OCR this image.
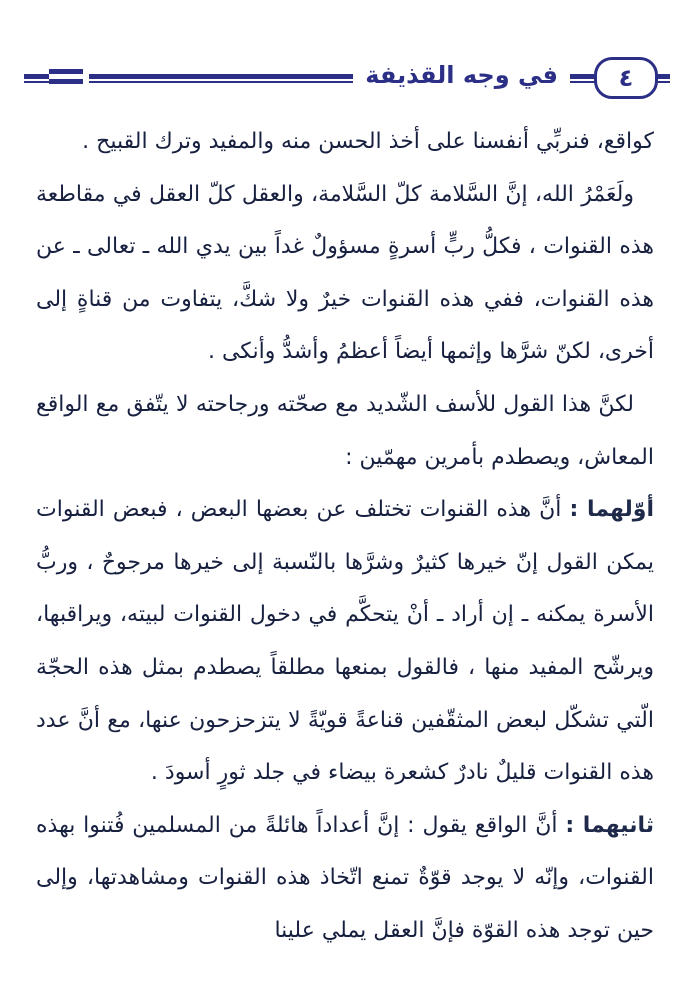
في وجه القذيفة	٤

كواقع، فنربِّي أنفسنا على أخذ الحسن منه والمفيد وترك القبيح .

ولَعَمْرُ الله، إنَّ السَّلامة كلّ السَّلامة، والعقل كلّ العقل في مقاطعة هذه القنوات ، فكلُّ ربٍّ أسرةٍ مسؤولٌ غداً بين يدي الله ـ تعالى ـ عن هذه القنوات، ففي هذه القنوات خيرٌ ولا شكَّ، يتفاوت من قناةٍ إلى أخرى، لكنّ شرَّها وإثمها أيضاً أعظمُ وأشدُّ وأنكى .

لكنَّ هذا القول للأسف الشّديد مع صحّته ورجاحته لا يتّفق مع الواقع المعاش، ويصطدم بأمرين مهمّين :

أوّلهما : أنَّ هذه القنوات تختلف عن بعضها البعض ، فبعض القنوات يمكن القول إنّ خيرها كثيرٌ وشرَّها بالنّسبة إلى خيرها مرجوحٌ ، وربُّ الأسرة يمكنه ـ إن أراد ـ أنْ يتحكَّم في دخول القنوات لبيته، ويراقبها، ويرشّح المفيد منها ، فالقول بمنعها مطلقاً يصطدم بمثل هذه الحجّة الّتي تشكّل لبعض المثقّفين قناعةً قويّةً لا يتزحزحون عنها، مع أنَّ عدد هذه القنوات قليلٌ نادرٌ كشعرة بيضاء في جلد ثورٍ أسودَ .

ثانيهما : أنَّ الواقع يقول : إنَّ أعداداً هائلةً من المسلمين فُتنوا بهذه القنوات، وإنّه لا يوجد قوّةٌ تمنع اتّخاذ هذه القنوات ومشاهدتها، وإلى حين توجد هذه القوّة فإنَّ العقل يملي علينا
